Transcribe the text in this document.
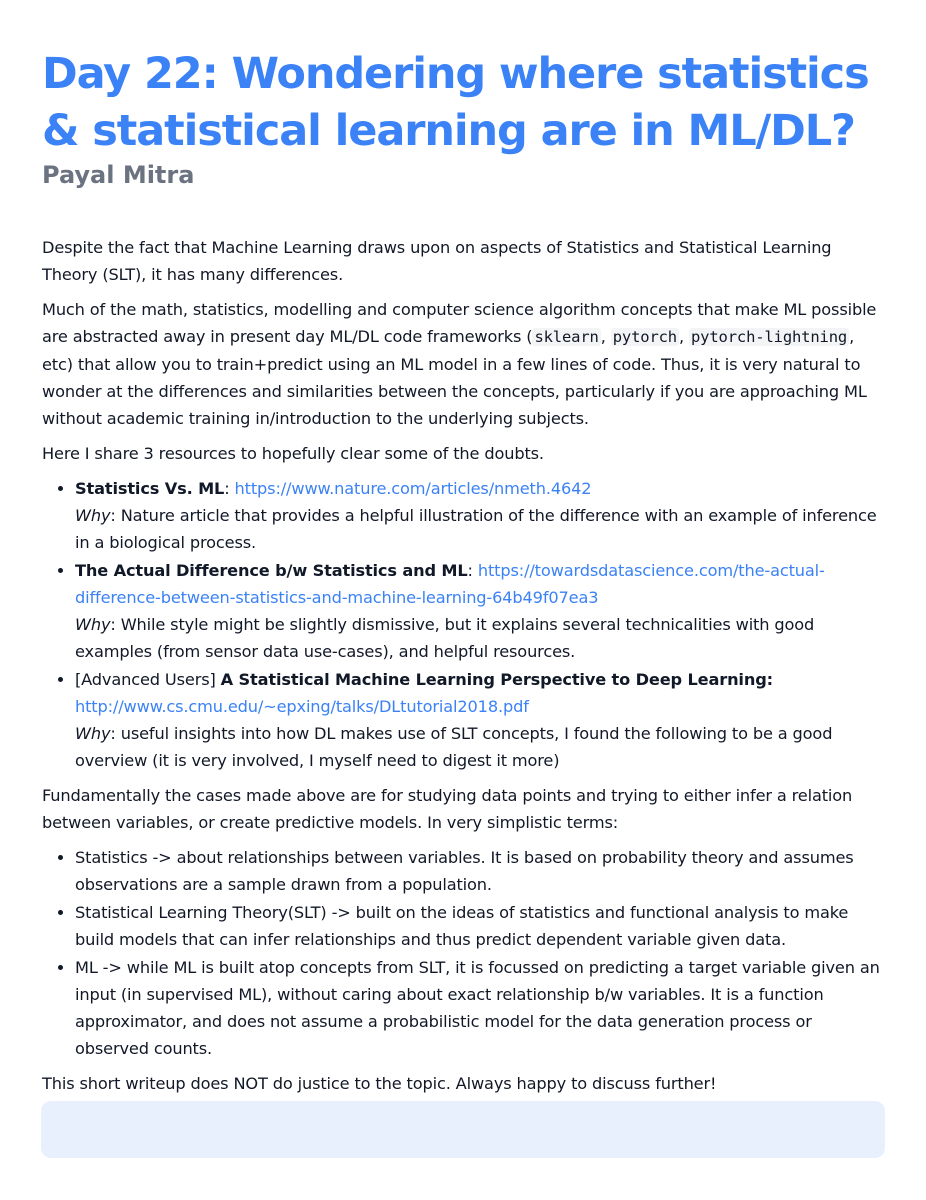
Day 22: Wondering where statistics
& statistical learning are in ML/DL?
Payal Mitra

Despite the fact that Machine Learning draws upon on aspects of Statistics and Statistical Learning Theory (SLT), it has many differences.

Much of the math, statistics, modelling and computer science algorithm concepts that make ML possible are abstracted away in present day ML/DL code frameworks ( sklearn , pytorch , pytorch-lightning , etc) that allow you to train+predict using an ML model in a few lines of code. Thus, it is very natural to wonder at the differences and similarities between the concepts, particularly if you are approaching ML without academic training in/introduction to the underlying subjects.

Here I share 3 resources to hopefully clear some of the doubts.

• Statistics Vs. ML: https://www.nature.com/articles/nmeth.4642
Why: Nature article that provides a helpful illustration of the difference with an example of inference in a biological process.
• The Actual Difference b/w Statistics and ML: https://towardsdatascience.com/the-actual-difference-between-statistics-and-machine-learning-64b49f07ea3
Why: While style might be slightly dismissive, but it explains several technicalities with good examples (from sensor data use-cases), and helpful resources.
• [Advanced Users] A Statistical Machine Learning Perspective to Deep Learning: http://www.cs.cmu.edu/~epxing/talks/DLtutorial2018.pdf
Why: useful insights into how DL makes use of SLT concepts, I found the following to be a good overview (it is very involved, I myself need to digest it more)

Fundamentally the cases made above are for studying data points and trying to either infer a relation between variables, or create predictive models. In very simplistic terms:

• Statistics -> about relationships between variables. It is based on probability theory and assumes observations are a sample drawn from a population.
• Statistical Learning Theory(SLT) -> built on the ideas of statistics and functional analysis to make build models that can infer relationships and thus predict dependent variable given data.
• ML -> while ML is built atop concepts from SLT, it is focussed on predicting a target variable given an input (in supervised ML), without caring about exact relationship b/w variables. It is a function approximator, and does not assume a probabilistic model for the data generation process or observed counts.

This short writeup does NOT do justice to the topic. Always happy to discuss further!
